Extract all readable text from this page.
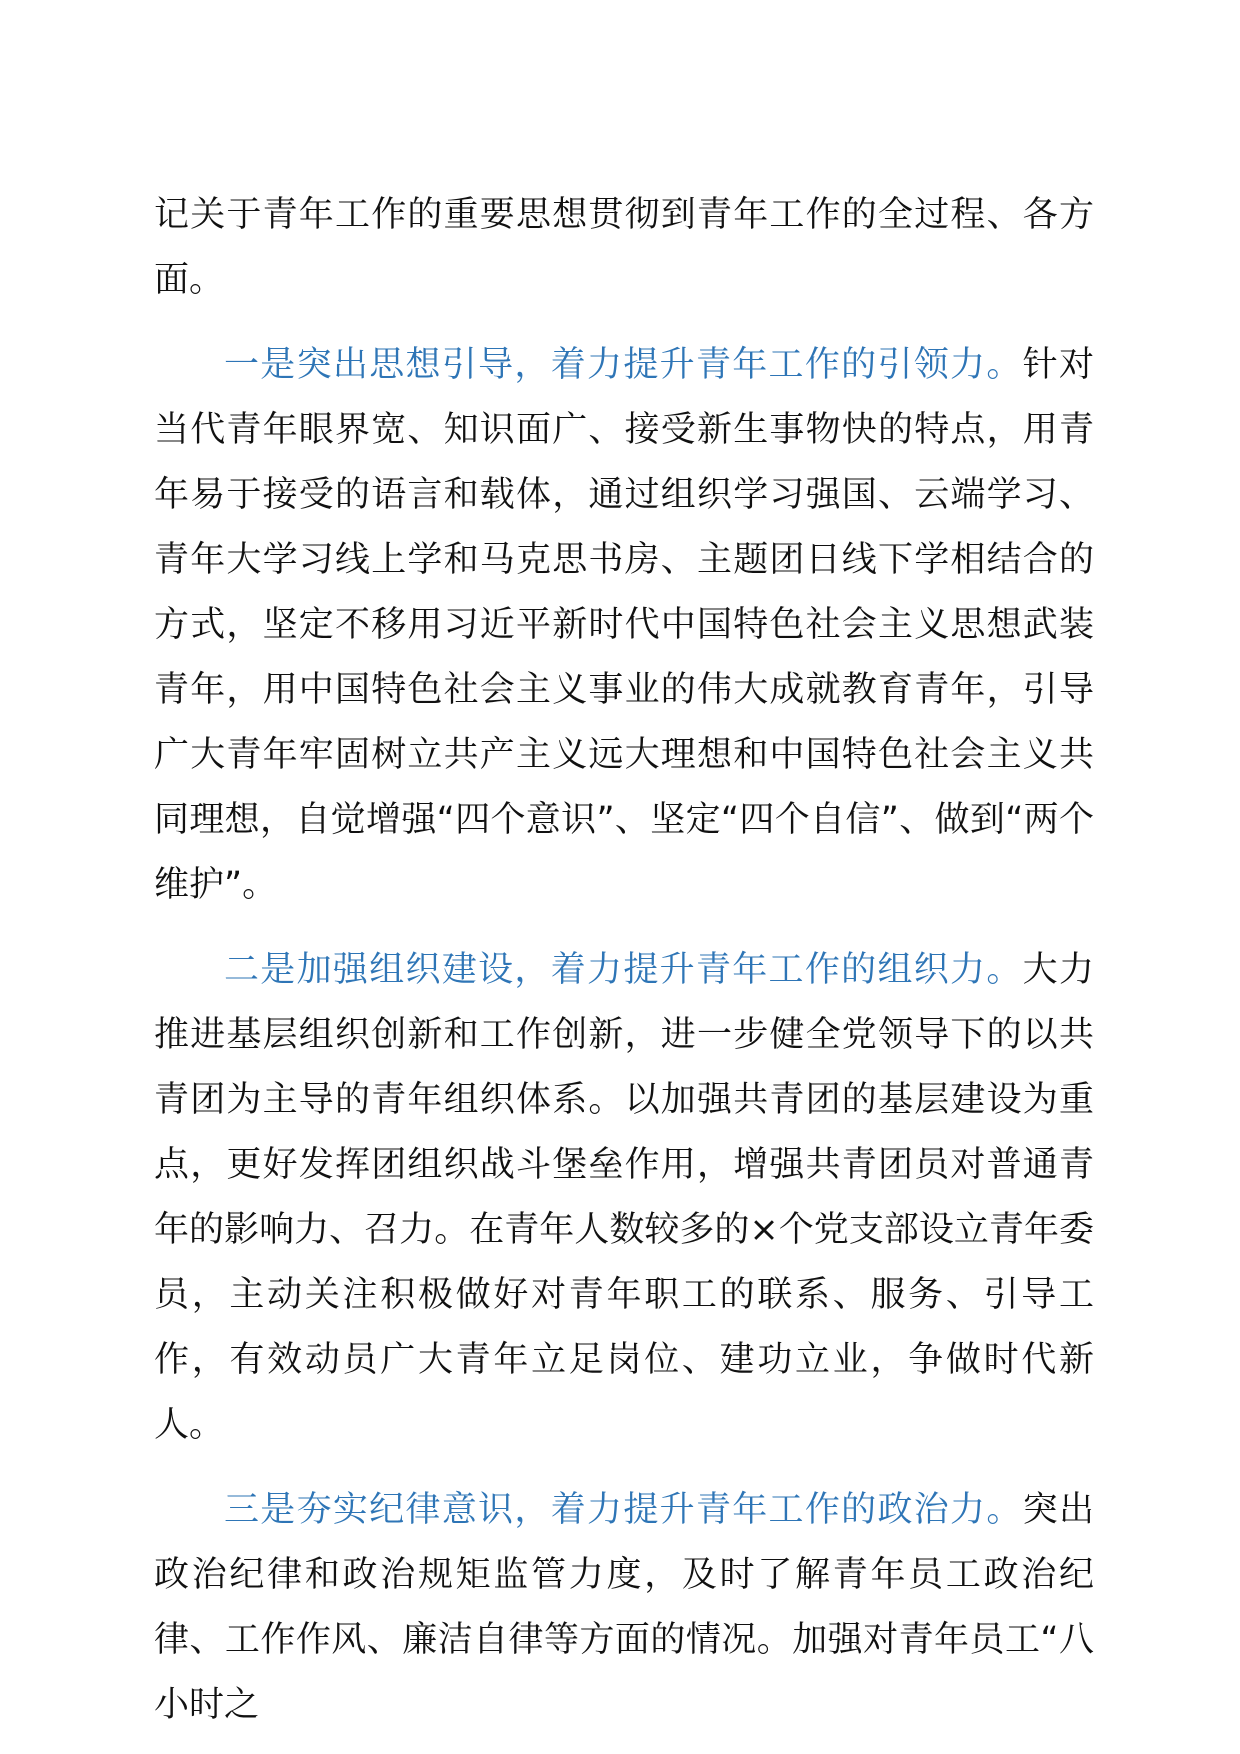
记关于青年工作的重要思想贯彻到青年工作的全过程、各方面。

一是突出思想引导，着力提升青年工作的引领力。针对当代青年眼界宽、知识面广、接受新生事物快的特点，用青年易于接受的语言和载体，通过组织学习强国、云端学习、青年大学习线上学和马克思书房、主题团日线下学相结合的方式，坚定不移用习近平新时代中国特色社会主义思想武装青年，用中国特色社会主义事业的伟大成就教育青年，引导广大青年牢固树立共产主义远大理想和中国特色社会主义共同理想，自觉增强“四个意识”、坚定“四个自信”、做到“两个维护”。

二是加强组织建设，着力提升青年工作的组织力。大力推进基层组织创新和工作创新，进一步健全党领导下的以共青团为主导的青年组织体系。以加强共青团的基层建设为重点，更好发挥团组织战斗堡垒作用，增强共青团员对普通青年的影响力、召力。在青年人数较多的×个党支部设立青年委员，主动关注积极做好对青年职工的联系、服务、引导工作，有效动员广大青年立足岗位、建功立业，争做时代新人。

三是夯实纪律意识，着力提升青年工作的政治力。突出政治纪律和政治规矩监管力度，及时了解青年员工政治纪律、工作作风、廉洁自律等方面的情况。加强对青年员工“八小时之
